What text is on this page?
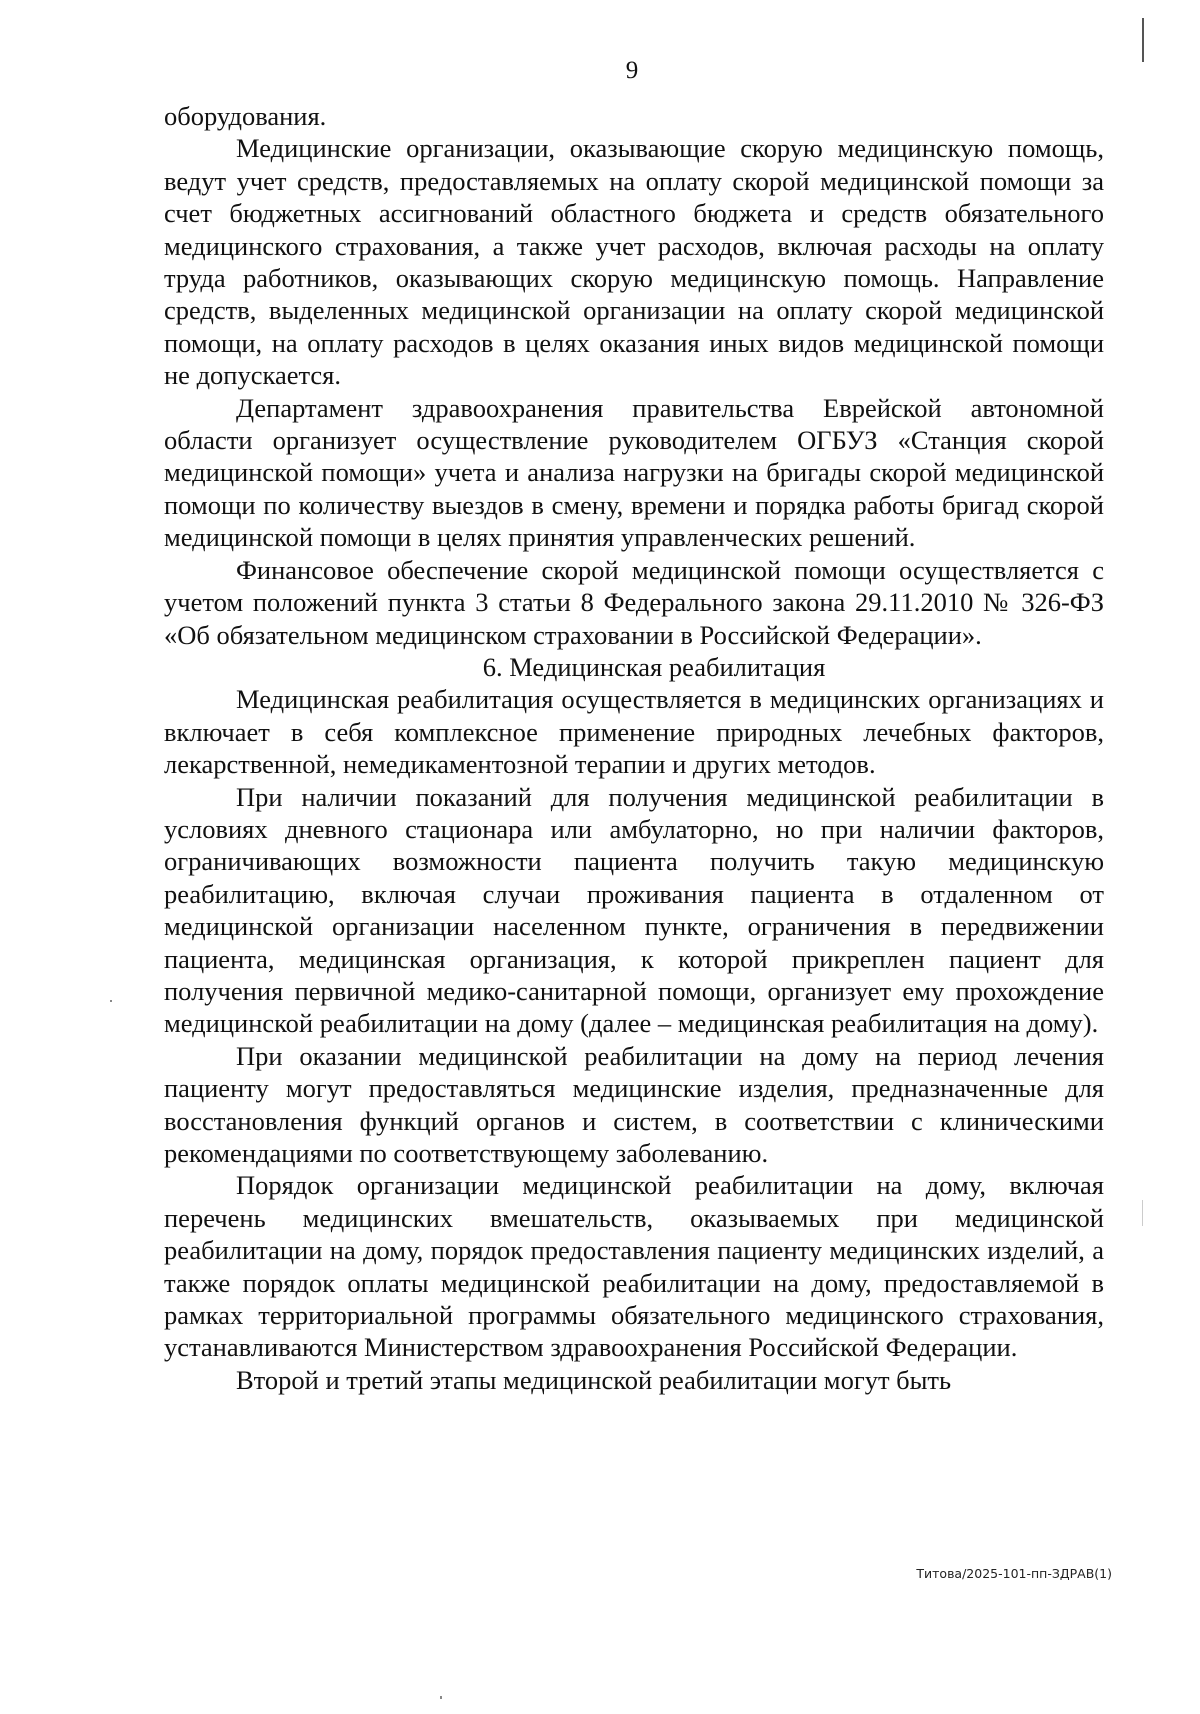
9

оборудования.

Медицинские организации, оказывающие скорую медицинскую помощь, ведут учет средств, предоставляемых на оплату скорой медицинской помощи за счет бюджетных ассигнований областного бюджета и средств обязательного медицинского страхования, а также учет расходов, включая расходы на оплату труда работников, оказывающих скорую медицинскую помощь. Направление средств, выделенных медицинской организации на оплату скорой медицинской помощи, на оплату расходов в целях оказания иных видов медицинской помощи не допускается.

Департамент здравоохранения правительства Еврейской автономной области организует осуществление руководителем ОГБУЗ «Станция скорой медицинской помощи» учета и анализа нагрузки на бригады скорой медицинской помощи по количеству выездов в смену, времени и порядка работы бригад скорой медицинской помощи в целях принятия управленческих решений.

Финансовое обеспечение скорой медицинской помощи осуществляется с учетом положений пункта 3 статьи 8 Федерального закона 29.11.2010 № 326-ФЗ «Об обязательном медицинском страховании в Российской Федерации».

6. Медицинская реабилитация

Медицинская реабилитация осуществляется в медицинских организациях и включает в себя комплексное применение природных лечебных факторов, лекарственной, немедикаментозной терапии и других методов.

При наличии показаний для получения медицинской реабилитации в условиях дневного стационара или амбулаторно, но при наличии факторов, ограничивающих возможности пациента получить такую медицинскую реабилитацию, включая случаи проживания пациента в отдаленном от медицинской организации населенном пункте, ограничения в передвижении пациента, медицинская организация, к которой прикреплен пациент для получения первичной медико-санитарной помощи, организует ему прохождение медицинской реабилитации на дому (далее – медицинская реабилитация на дому).

При оказании медицинской реабилитации на дому на период лечения пациенту могут предоставляться медицинские изделия, предназначенные для восстановления функций органов и систем, в соответствии с клиническими рекомендациями по соответствующему заболеванию.

Порядок организации медицинской реабилитации на дому, включая перечень медицинских вмешательств, оказываемых при медицинской реабилитации на дому, порядок предоставления пациенту медицинских изделий, а также порядок оплаты медицинской реабилитации на дому, предоставляемой в рамках территориальной программы обязательного медицинского страхования, устанавливаются Министерством здравоохранения Российской Федерации.

Второй и третий этапы медицинской реабилитации могут быть

Титова/2025-101-пп-ЗДРАВ(1)
